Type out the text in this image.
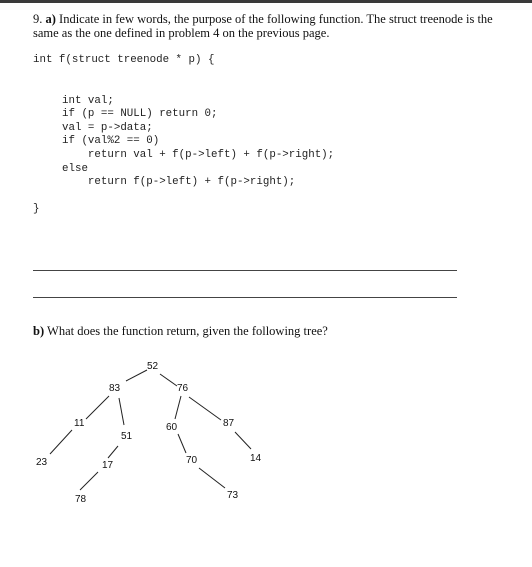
9. a) Indicate in few words, the purpose of the following function. The struct treenode is the same as the one defined in problem 4 on the previous page.
int f(struct treenode * p) {
int val;
if (p == NULL) return 0;
val = p->data;
if (val%2 == 0)
return val + f(p->left) + f(p->right);
else
return f(p->left) + f(p->right);
}
b) What does the function return, given the following tree?
52
83	76
11
51
60	87
23	17	70	14
78	73
